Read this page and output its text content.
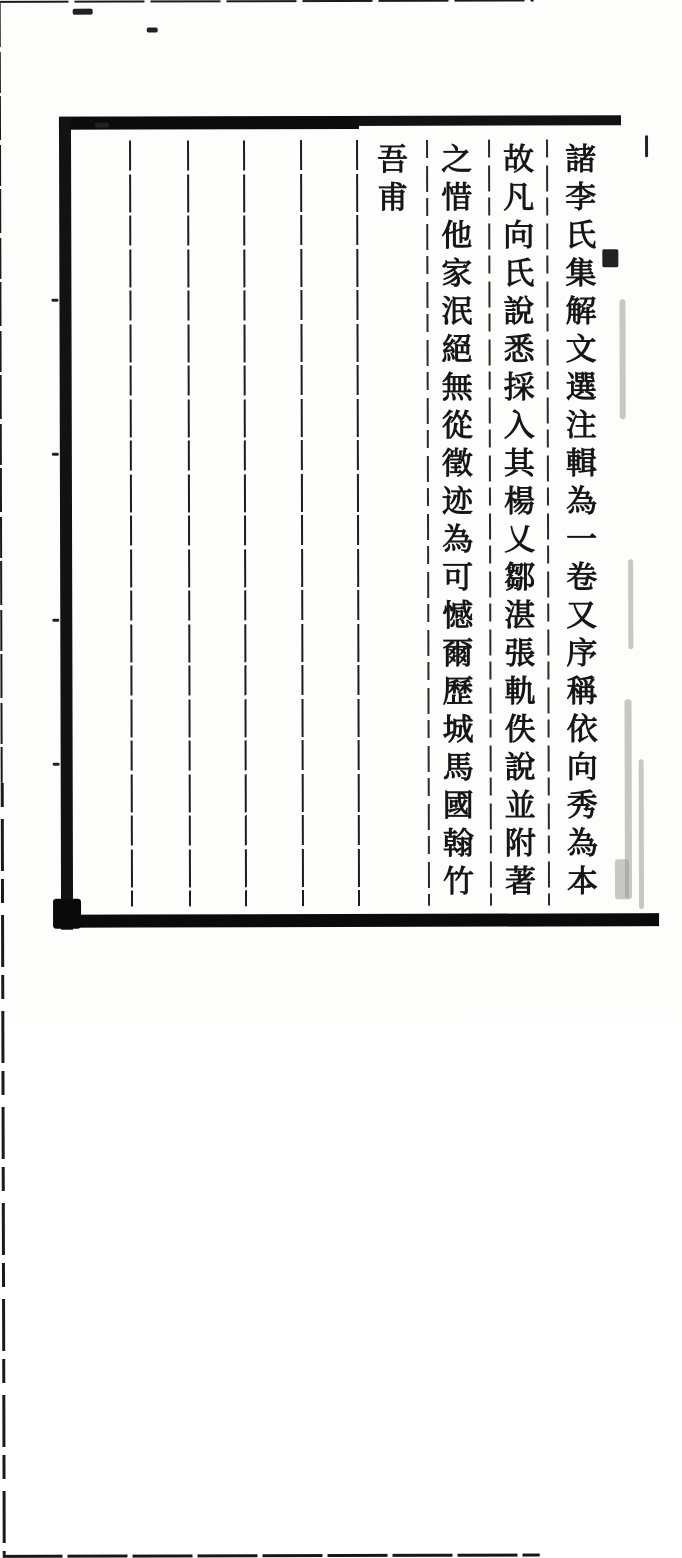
諸李氏集解文選注輯為一卷又序稱依向秀為本
故凡向氏說悉採入其楊乂鄒湛張軌佚說並附著
之惜他家泯絕無從徵迹為可憾爾歷城馬國翰竹
吾甫
